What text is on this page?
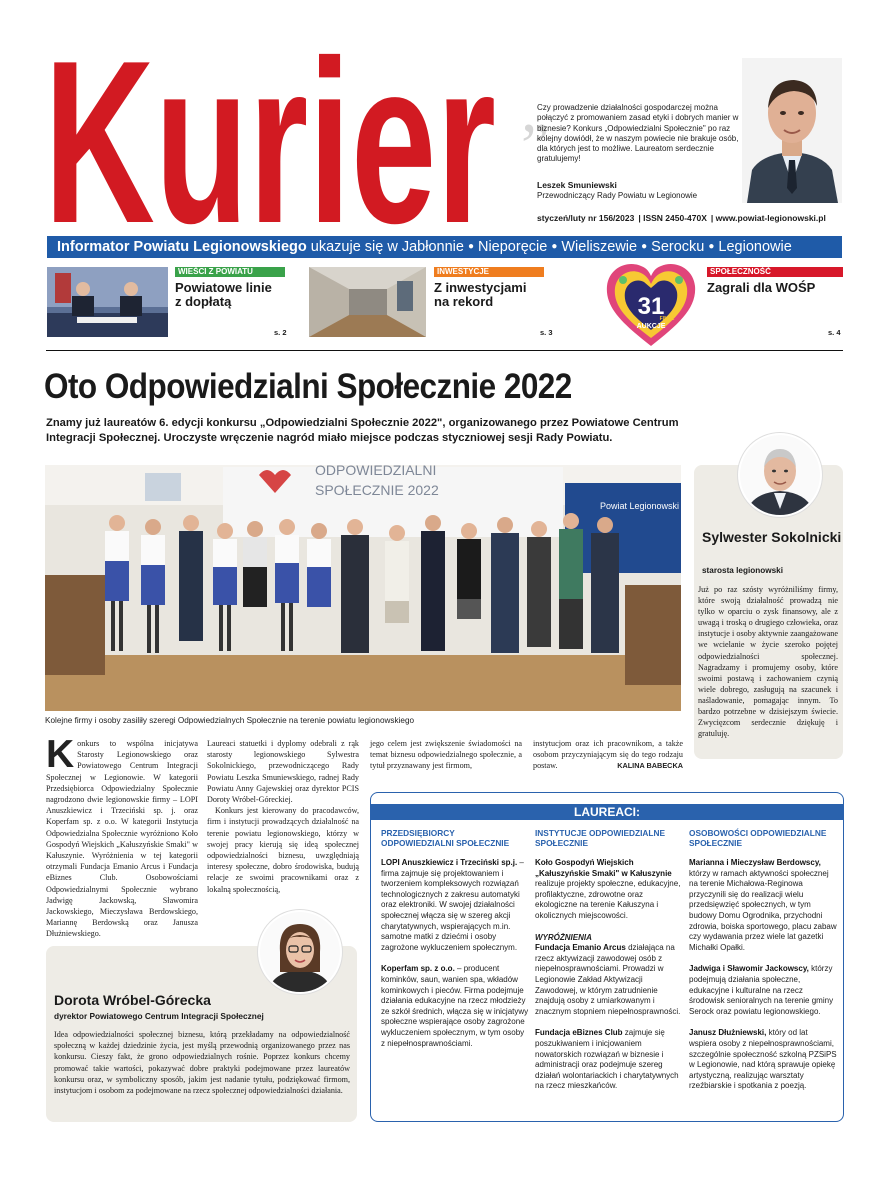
Kurier „
Czy prowadzenie działalności gospodarczej można połączyć z promowaniem zasad etyki i dobrych manier w biznesie? Konkurs „Odpowiedzialni Społecznie" po raz kolejny dowiódł, że w naszym powiecie nie brakuje osób, dla których jest to możliwe. Laureatom serdecznie gratulujemy!
Leszek Smuniewski
Przewodniczący Rady Powiatu w Legionowie
styczeń/luty nr 156/2023 | ISSN 2450-470X | www.powiat-legionowski.pl
Informator Powiatu Legionowskiego ukazuje się w Jabłonnie ● Nieporęcie ● Wieliszewie ● Serocku ● Legionowie
WIEŚCI Z POWIATU
Powiatowe linie
z dopłatą
s. 2
INWESTYCJE
Z inwestycjami
na rekord
s. 3
31
FINAŁ
AUKCJE
SPOŁECZNOŚĆ
Zagrali dla WOŚP
s. 4
Oto Odpowiedzialni Społecznie 2022
Znamy już laureatów 6. edycji konkursu „Odpowiedzialni Społecznie 2022", organizowanego przez Powiatowe Centrum Integracji Społecznej. Uroczyste wręczenie nagród miało miejsce podczas styczniowej sesji Rady Powiatu.
ODPOWIEDZIALNI
SPOŁECZNIE 2022
Powiat Legionowski
Kolejne firmy i osoby zasiliły szeregi Odpowiedzialnych Społecznie na terenie powiatu legionowskiego
Sylwester Sokolnicki
starosta legionowski
Już po raz szósty wyróżniliśmy firmy, które swoją działalność prowadzą nie tylko w oparciu o zysk finansowy, ale z uwagą i troską o drugiego człowieka, oraz instytucje i osoby aktywnie zaangażowane we wcielanie w życie szeroko pojętej odpowiedzialności społecznej. Nagradzamy i promujemy osoby, które swoimi postawą i zachowaniem czynią wiele dobrego, zasługują na szacunek i naśladowanie, pomagając innym. To bardzo potrzebne w dzisiejszym świecie. Zwycięzcom serdecznie dziękuję i gratuluję.
Konkurs to wspólna inicjatywa Starosty Legionowskiego oraz Powiatowego Centrum Integracji Społecznej w Legionowie. W kategorii Przedsiębiorca Odpowiedzialny Społecznie nagrodzono dwie legionowskie firmy – LOPI Anuszkiewicz i Trzeciński sp. j. oraz Koperfam sp. z o.o. W kategorii Instytucja Odpowiedzialna Społecznie wyróżniono Koło Gospodyń Wiejskich „Kałuszyńskie Smaki" w Kałuszynie. Wyróżnienia w tej kategorii otrzymali Fundacja Emanio Arcus i Fundacja eBiznes Club. Osobowościami Odpowiedzialnymi Społecznie wybrano Jadwigę Jackowską, Sławomira Jackowskiego, Mieczysława Berdowskiego, Mariannę Berdowską oraz Janusza Dłużniewskiego.

Laureaci statuetki i dyplomy odebrali z rąk starosty legionowskiego Sylwestra Sokolnickiego, przewodniczącego Rady Powiatu Leszka Smuniewskiego, radnej Rady Powiatu Anny Gajewskiej oraz dyrektor PCIS Doroty Wróbel-Góreckiej.

Konkurs jest kierowany do pracodawców, firm i instytucji prowadzących działalność na terenie powiatu legionowskiego, którzy w swojej pracy kierują się ideą społecznej odpowiedzialności biznesu, uwzględniają interesy społeczne, dobro środowiska, budują relacje ze swoimi pracownikami oraz z lokalną społecznością,

jego celem jest zwiększenie świadomości na temat biznesu odpowiedzialnego społecznie, a tytuł przyznawany jest firmom,
instytucjom oraz ich pracownikom, a także osobom przyczyniającym się do tego rodzaju postaw.	KALINA BABECKA
LAUREACI:
PRZEDSIĘBIORCY ODPOWIEDZIALNI SPOŁECZNIE

LOPI Anuszkiewicz i Trzeciński sp.j. – firma zajmuje się projektowaniem i tworzeniem kompleksowych rozwiązań technologicznych z zakresu automatyki oraz elektroniki. W swojej działalności społecznej włącza się w szereg akcji charytatywnych, wspierających m.in. samotne matki z dziećmi i osoby zagrożone wykluczeniem społecznym.

Koperfam sp. z o.o. – producent kominków, saun, wanien spa, wkładów kominkowych i pieców. Firma podejmuje działania edukacyjne na rzecz młodzieży ze szkół średnich, włącza się w inicjatywy społeczne wspierające osoby zagrożone wykluczeniem społecznym, w tym osoby z niepełnosprawnościami.

INSTYTUCJE ODPOWIEDZIALNE SPOŁECZNIE

Koło Gospodyń Wiejskich „Kałuszyńskie Smaki" w Kałuszynie realizuje projekty społeczne, edukacyjne, profilaktyczne, zdrowotne oraz ekologiczne na terenie Kałuszyna i okolicznych miejscowości.

WYRÓŻNIENIA
Fundacja Emanio Arcus działająca na rzecz aktywizacji zawodowej osób z niepełnosprawnościami. Prowadzi w Legionowie Zakład Aktywizacji Zawodowej, w którym zatrudnienie znajdują osoby z umiarkowanym i znacznym stopniem niepełnosprawności.

Fundacja eBiznes Club zajmuje się poszukiwaniem i inicjowaniem nowatorskich rozwiązań w biznesie i administracji oraz podejmuje szereg działań wolontariackich i charytatywnych na rzecz mieszkańców.

OSOBOWOŚCI ODPOWIEDZIALNE SPOŁECZNIE

Marianna i Mieczysław Berdowscy, którzy w ramach aktywności społecznej na terenie Michałowa-Reginowa przyczynili się do realizacji wielu przedsięwzięć społecznych, w tym budowy Domu Ogrodnika, przychodni zdrowia, boiska sportowego, placu zabaw czy wydawania przez wiele lat gazetki Michałki Opałki.

Jadwiga i Sławomir Jackowscy, którzy podejmują działania społeczne, edukacyjne i kulturalne na rzecz środowisk senioralnych na terenie gminy Serock oraz powiatu legionowskiego.

Janusz Dłużniewski, który od lat wspiera osoby z niepełnosprawnościami, szczególnie społeczność szkolną PZSiPS w Legionowie, nad którą sprawuje opiekę artystyczną, realizując warsztaty rzeźbiarskie i spotkania z poezją.

Dorota Wróbel-Górecka
dyrektor Powiatowego Centrum Integracji Społecznej
Idea odpowiedzialności społecznej biznesu, którą przekładamy na odpowiedzialność społeczną w każdej dziedzinie życia, jest myślą przewodnią organizowanego przez nas konkursu. Cieszy fakt, że grono odpowiedzialnych rośnie. Poprzez konkurs chcemy promować takie wartości, pokazywać dobre praktyki podejmowane przez laureatów konkursu oraz, w symboliczny sposób, jakim jest nadanie tytułu, podziękować firmom, instytucjom i osobom za podejmowane na rzecz społecznej odpowiedzialności działania.
